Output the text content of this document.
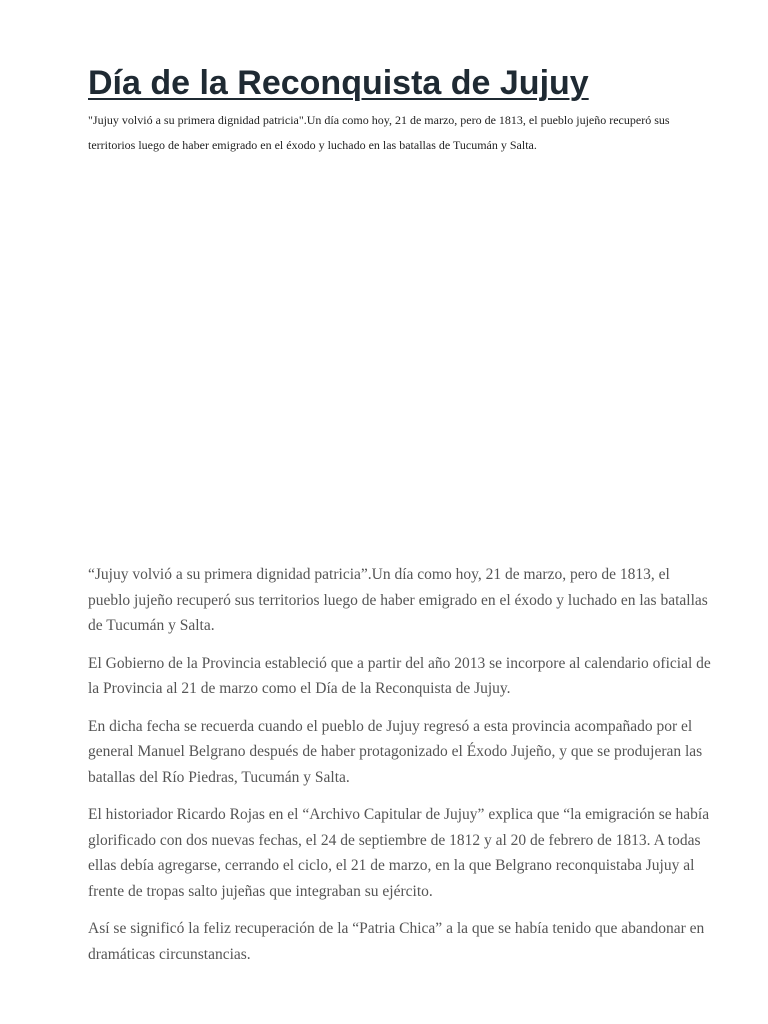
Día de la Reconquista de Jujuy

"Jujuy volvió a su primera dignidad patricia".Un día como hoy, 21 de marzo, pero de 1813, el pueblo jujeño recuperó sus territorios luego de haber emigrado en el éxodo y luchado en las batallas de Tucumán y Salta.

“Jujuy volvió a su primera dignidad patricia”.Un día como hoy, 21 de marzo, pero de 1813, el pueblo jujeño recuperó sus territorios luego de haber emigrado en el éxodo y luchado en las batallas de Tucumán y Salta.

El Gobierno de la Provincia estableció que a partir del año 2013 se incorpore al calendario oficial de la Provincia al 21 de marzo como el Día de la Reconquista de Jujuy.

En dicha fecha se recuerda cuando el pueblo de Jujuy regresó a esta provincia acompañado por el general Manuel Belgrano después de haber protagonizado el Éxodo Jujeño, y que se produjeran las batallas del Río Piedras, Tucumán y Salta.

El historiador Ricardo Rojas en el “Archivo Capitular de Jujuy” explica que “la emigración se había glorificado con dos nuevas fechas, el 24 de septiembre de 1812 y al 20 de febrero de 1813. A todas ellas debía agregarse, cerrando el ciclo, el 21 de marzo, en la que Belgrano reconquistaba Jujuy al frente de tropas salto jujeñas que integraban su ejército.

Así se significó la feliz recuperación de la “Patria Chica” a la que se había tenido que abandonar en dramáticas circunstancias.
